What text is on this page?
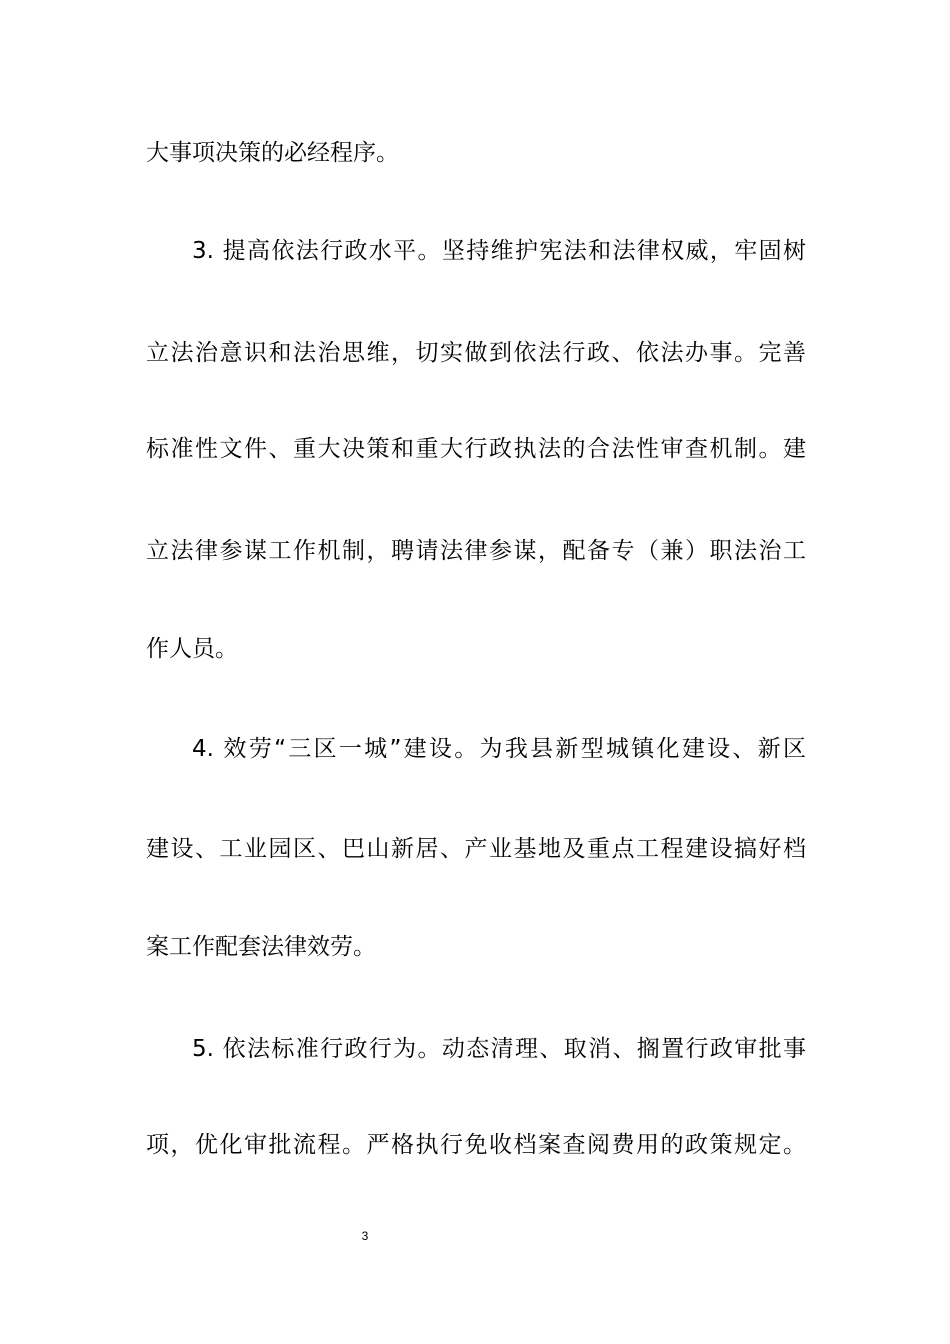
大事项决策的必经程序。
3. 提高依法行政水平。坚持维护宪法和法律权威，牢固树
立法治意识和法治思维，切实做到依法行政、依法办事。完善
标准性文件、重大决策和重大行政执法的合法性审查机制。建
立法律参谋工作机制，聘请法律参谋，配备专（兼）职法治工
作人员。
4. 效劳“三区一城”建设。为我县新型城镇化建设、新区
建设、工业园区、巴山新居、产业基地及重点工程建设搞好档
案工作配套法律效劳。
5. 依法标准行政行为。动态清理、取消、搁置行政审批事
项，优化审批流程。严格执行免收档案查阅费用的政策规定。
3
